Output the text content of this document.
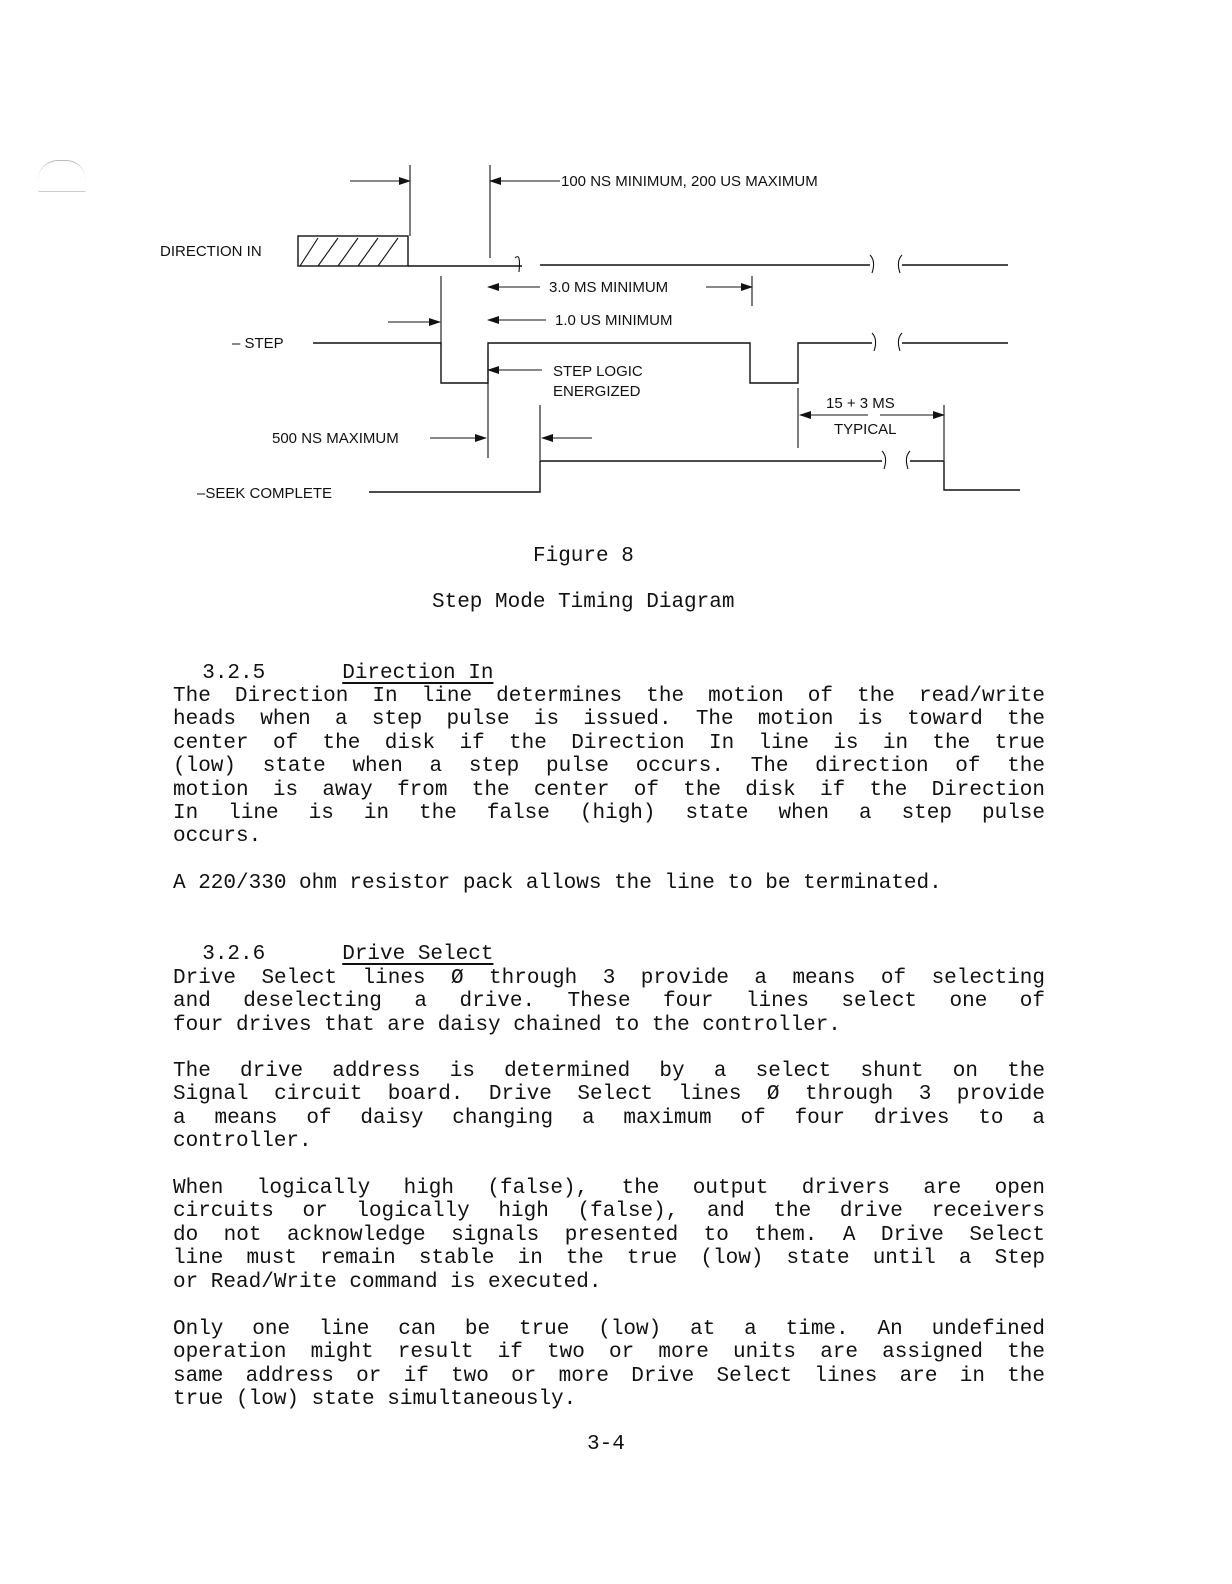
100 NS MINIMUM, 200 US MAXIMUM
DIRECTION IN
3.0 MS MINIMUM
1.0 US MINIMUM
– STEP
STEP LOGIC
ENERGIZED
500 NS MAXIMUM
15 + 3 MS
TYPICAL
–SEEK COMPLETE
Figure 8
Step Mode Timing Diagram

3.2.5	Direction In

The Direction In line determines the motion of the read/write
heads when a step pulse is issued. The motion is toward the
center of the disk if the Direction In line is in the true
(low) state when a step pulse occurs. The direction of the
motion is away from the center of the disk if the Direction
In line is in the false (high) state when a step pulse
occurs.
A 220/330 ohm resistor pack allows the line to be terminated.

3.2.6	Drive Select

Drive Select lines Ø through 3 provide a means of selecting
and deselecting a drive. These four lines select one of
four drives that are daisy chained to the controller.
The drive address is determined by a select shunt on the
Signal circuit board. Drive Select lines Ø through 3 provide
a means of daisy changing a maximum of four drives to a
controller.
When logically high (false), the output drivers are open
circuits or logically high (false), and the drive receivers
do not acknowledge signals presented to them. A Drive Select
line must remain stable in the true (low) state until a Step
or Read/Write command is executed.
Only one line can be true (low) at a time. An undefined
operation might result if two or more units are assigned the
same address or if two or more Drive Select lines are in the
true (low) state simultaneously.
3-4
